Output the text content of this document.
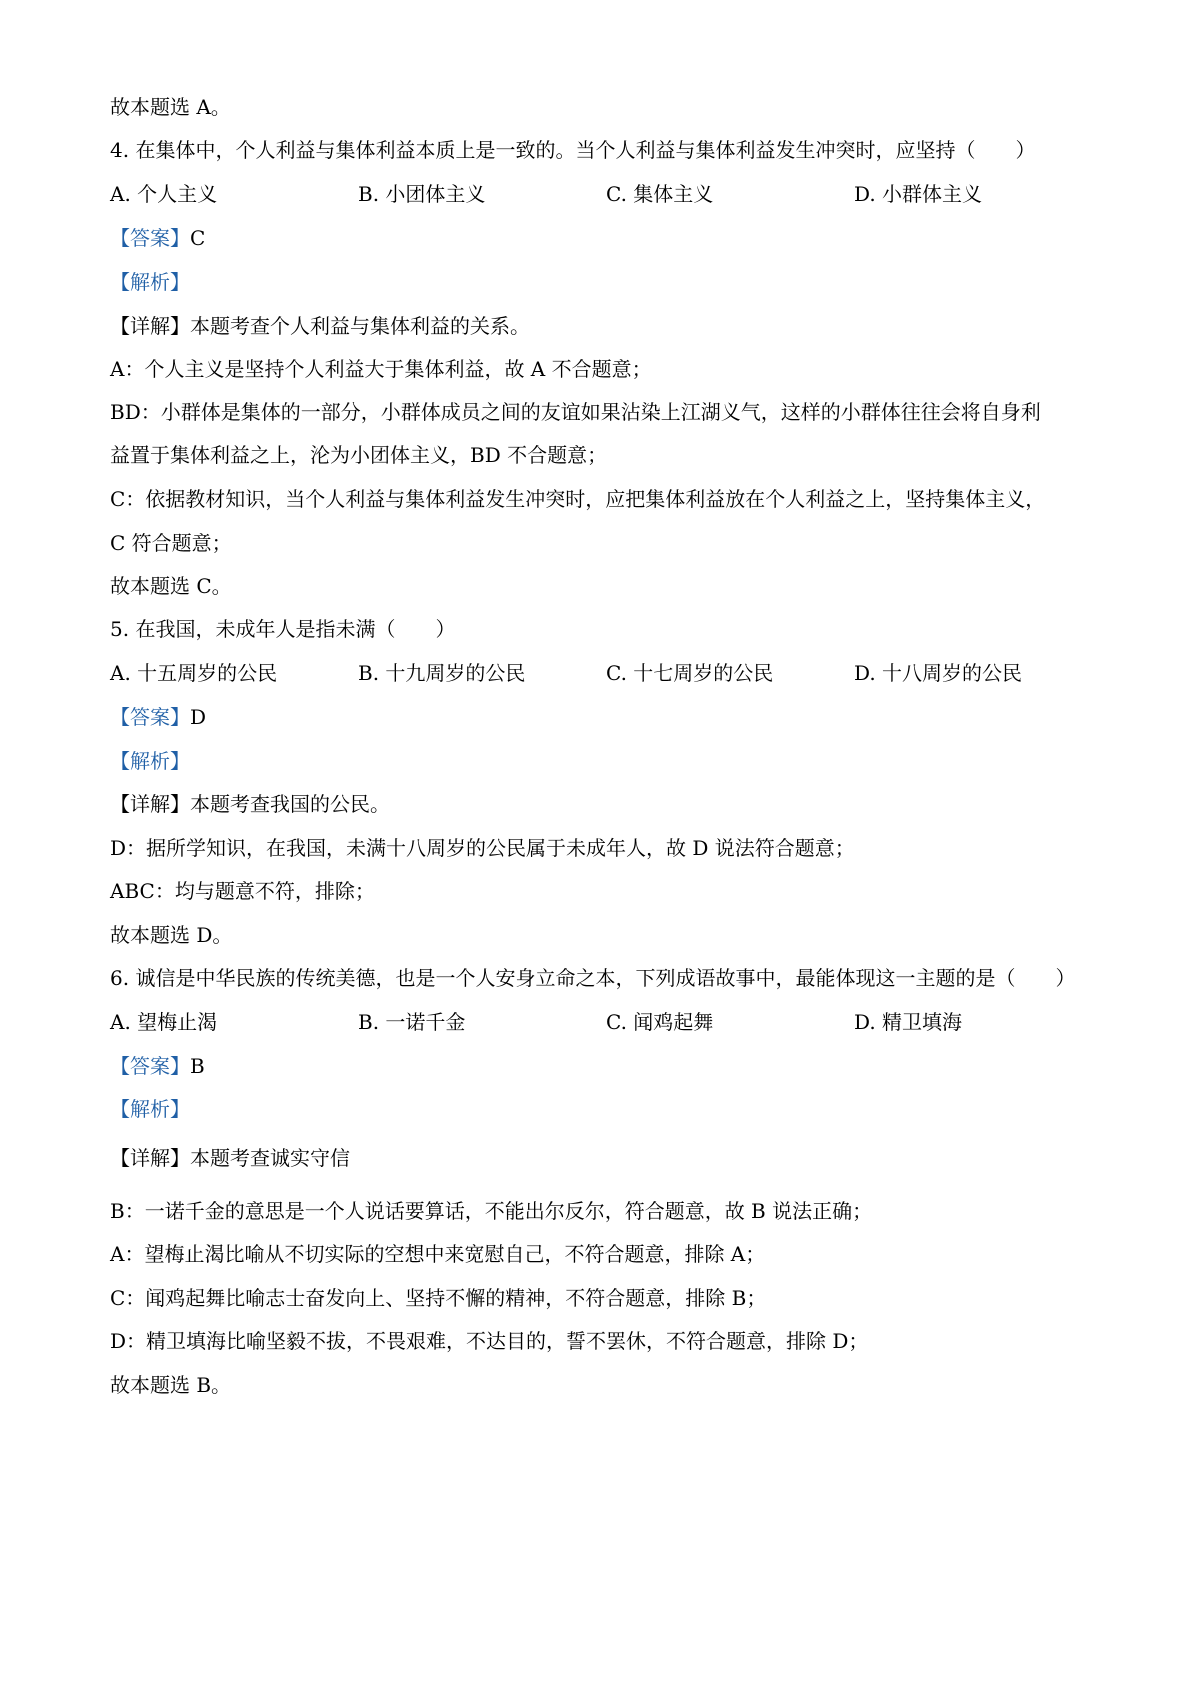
故本题选 A。
4. 在集体中，个人利益与集体利益本质上是一致的。当个人利益与集体利益发生冲突时，应坚持（　　）
A. 个人主义	B. 小团体主义	C. 集体主义	D. 小群体主义
【答案】C
【解析】
【详解】本题考查个人利益与集体利益的关系。
A：个人主义是坚持个人利益大于集体利益，故 A 不合题意；
BD：小群体是集体的一部分，小群体成员之间的友谊如果沾染上江湖义气，这样的小群体往往会将自身利
益置于集体利益之上，沦为小团体主义，BD 不合题意；
C：依据教材知识，当个人利益与集体利益发生冲突时，应把集体利益放在个人利益之上，坚持集体主义，
C 符合题意；
故本题选 C。
5. 在我国，未成年人是指未满（　　）
A. 十五周岁的公民	B. 十九周岁的公民	C. 十七周岁的公民	D. 十八周岁的公民
【答案】D
【解析】
【详解】本题考查我国的公民。
D：据所学知识，在我国，未满十八周岁的公民属于未成年人，故 D 说法符合题意；
ABC：均与题意不符，排除；
故本题选 D。
6. 诚信是中华民族的传统美德，也是一个人安身立命之本，下列成语故事中，最能体现这一主题的是（　　）
A. 望梅止渴	B. 一诺千金	C. 闻鸡起舞	D. 精卫填海
【答案】B
【解析】
【详解】本题考查诚实守信
B：一诺千金的意思是一个人说话要算话，不能出尔反尔，符合题意，故 B 说法正确；
A：望梅止渴比喻从不切实际的空想中来宽慰自己，不符合题意，排除 A；
C：闻鸡起舞比喻志士奋发向上、坚持不懈的精神，不符合题意，排除 B；
D：精卫填海比喻坚毅不拔，不畏艰难，不达目的，誓不罢休，不符合题意，排除 D；
故本题选 B。
